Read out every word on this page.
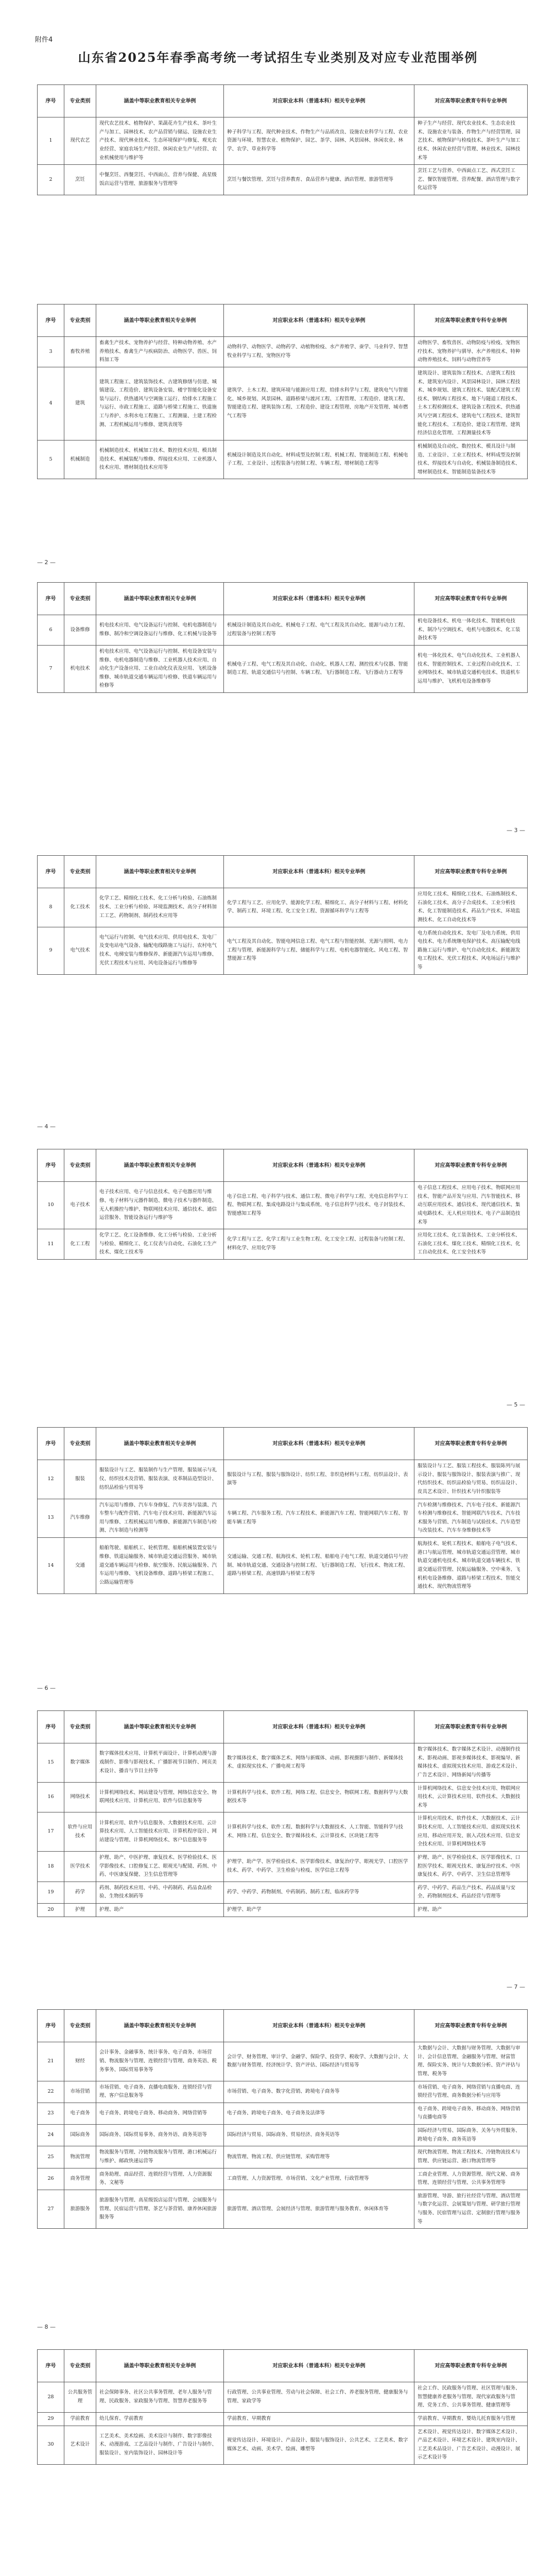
附件4
山东省2025年春季高考统一考试招生专业类别及对应专业范围举例
序号	专业类别	涵盖中等职业教育相关专业举例	对应职业本科（普通本科）相关专业举例	对应高等职业教育专科专业举例
1	现代农艺	现代农艺技术、植物保护、果蔬花卉生产技术、茶叶生产与加工、园林技术、农产品营销与储运、设施农业生产技术、现代林业技术、生态环境保护与修复、观光农业经营、家庭农场生产经营、休闲农业生产与经营、农业机械使用与维护等	种子科学与工程、现代种业技术、作物生产与品质改良、设施农业科学与工程、农业资源与环境、智慧农业、植物保护、园艺、茶学、园林、风景园林、休闲农业、林学、农学、草业科学等	种子生产与经营、现代农业技术、生态农业技术、设施农业与装备、作物生产与经营管理、园艺技术、植物保护与检疫技术、茶叶生产与加工技术、休闲农业经营与管理、林业技术、园林技术等
2	烹饪	中餐烹饪、西餐烹饪、中西面点、营养与保健、高星级饭店运营与管理、旅游服务与管理等	烹饪与餐饮管理、烹饪与营养教育、食品营养与健康、酒店管理、旅游管理等	烹饪工艺与营养、中西面点工艺、西式烹饪工艺、餐饮智能管理、营养配餐、酒店管理与数字化运营等
序号	专业类别	涵盖中等职业教育相关专业举例	对应职业本科（普通本科）相关专业举例	对应高等职业教育专科专业举例
3	畜牧养殖	畜禽生产技术、宠物养护与经营、特种动物养殖、水产养殖技术、畜禽生产与疾病防治、动物医学、兽医、饲料加工等	动物科学、动物医学、动物药学、动植物检疫、水产养殖学、蚕学、马业科学、智慧牧业科学与工程、宠物医疗等	动物医学、畜牧兽医、动物防疫与检疫、宠物医疗技术、宠物养护与驯导、水产养殖技术、特种动物养殖技术、饲料与动物营养等
4	建筑	建筑工程施工、建筑装饰技术、古建筑修缮与仿建、城镇建设、工程造价、建筑设备安装、楼宇智能化设备安装与运行、供热通风与空调施工运行、给排水工程施工与运行、市政工程施工、道路与桥梁工程施工、铁道施工与养护、水利水电工程施工、工程测量、土建工程检测、工程机械运用与维修、建筑表现等	建筑学、土木工程、建筑环境与能源应用工程、给排水科学与工程、建筑电气与智能化、城乡规划、风景园林、道路桥梁与渡河工程、工程管理、工程造价、建筑工程、智能建造工程、建筑装饰工程、工程造价、建设工程管理、房地产开发管理、城市燃气工程等	建筑设计、建筑装饰工程技术、古建筑工程技术、建筑室内设计、风景园林设计、园林工程技术、城乡规划、建筑工程技术、装配式建筑工程技术、钢结构工程技术、地下与隧道工程技术、土木工程检测技术、建筑设备工程技术、供热通风与空调工程技术、建筑电气工程技术、建筑智能化工程技术、工程造价、建设工程管理、建筑经济信息化管理、工程测量技术等
5	机械制造	机械制造技术、机械加工技术、数控技术应用、模具制造技术、机械装配与维修、焊接技术应用、工业机器人技术应用、增材制造技术应用等	机械设计制造及其自动化、材料成型及控制工程、机械工程、智能制造工程、机械电子工程、工业设计、过程装备与控制工程、车辆工程、增材制造工程等	机械制造及自动化、数控技术、模具设计与制造、工业设计、工业工程技术、材料成型及控制技术、焊接技术与自动化、机械装备制造技术、增材制造技术、智能制造装备技术等
序号	专业类别	涵盖中等职业教育相关专业举例	对应职业本科（普通本科）相关专业举例	对应高等职业教育专科专业举例
6	设备维修	机电技术应用、电气设备运行与控制、电机电器制造与维修、制冷和空调设备运行与维修、化工机械与设备等	机械设计制造及其自动化、机械电子工程、电气工程及其自动化、能源与动力工程、过程装备与控制工程等	机电设备技术、机电一体化技术、智能机电技术、制冷与空调技术、电机与电器技术、化工装备技术等
7	机电技术	机电技术应用、电气设备运行与控制、机电设备安装与维修、电机电器制造与维修、工业机器人技术应用、自动化生产设备应用、工业自动化仪表及应用、飞机设备维修、城市轨道交通车辆运用与检修、铁道车辆运用与检修等	机械电子工程、电气工程及其自动化、自动化、机器人工程、测控技术与仪器、智能制造工程、轨道交通信号与控制、车辆工程、飞行器制造工程、飞行器动力工程等	机电一体化技术、电气自动化技术、工业机器人技术、智能控制技术、工业过程自动化技术、工业网络技术、城市轨道交通机电技术、铁道机车运用与维护、飞机机电设备维修等
序号	专业类别	涵盖中等职业教育相关专业举例	对应职业本科（普通本科）相关专业举例	对应高等职业教育专科专业举例
8	化工技术	化学工艺、精细化工技术、化工分析与检验、石油炼制技术、工业分析与检验、环境监测技术、高分子材料加工工艺、药物制剂、制药技术应用等	化学工程与工艺、应用化学、能源化学工程、精细化工、高分子材料与工程、材料化学、制药工程、环境工程、化工安全工程、资源循环科学与工程等	应用化工技术、精细化工技术、石油炼制技术、石油化工技术、高分子合成技术、工业分析技术、化工智能制造技术、药品生产技术、环境监测技术、化工自动化技术等
9	电气技术	电气运行与控制、电气技术应用、供用电技术、发电厂及变电站电气设备、输配电线路施工与运行、农村电气技术、电梯安装与维修保养、新能源汽车运用与维修、光伏工程技术与应用、风电设备运行与维修等	电气工程及其自动化、智能电网信息工程、电气工程与智能控制、光源与照明、电力工程与管理、新能源科学与工程、储能科学与工程、电机电器智能化、风电工程、智慧能源工程等	电力系统自动化技术、发电厂及电力系统、供用电技术、电力系统继电保护技术、高压输配电线路施工运行与维护、电气自动化技术、新能源发电工程技术、光伏工程技术、风电场运行与维护等
序号	专业类别	涵盖中等职业教育相关专业举例	对应职业本科（普通本科）相关专业举例	对应高等职业教育专科专业举例
10	电子技术	电子技术应用、电子与信息技术、电子电器应用与维修、电子材料与元器件制造、微电子技术与器件制造、无人机操控与维护、物联网技术应用、通信技术、通信运营服务、智能设备运行与维护等	电子信息工程、电子科学与技术、通信工程、微电子科学与工程、光电信息科学与工程、物联网工程、集成电路设计与集成系统、电子信息科学与技术、电子封装技术、智能感知工程等	电子信息工程技术、应用电子技术、物联网应用技术、智能产品开发与应用、汽车智能技术、移动互联应用技术、通信技术、现代通信技术、集成电路技术、无人机应用技术、电子产品制造技术等
11	化工工程	化学工艺、化工设备维修、化工分析与检验、工业分析与检验、精细化工、化工仪表与自动化、石油化工生产技术、煤化工技术等	化学工程与工艺、化学工程与工业生物工程、化工安全工程、过程装备与控制工程、材料化学、应用化学等	应用化工技术、化工装备技术、工业分析技术、石油化工技术、煤化工技术、精细化工技术、化工自动化技术、化工安全技术等
序号	专业类别	涵盖中等职业教育相关专业举例	对应职业本科（普通本科）相关专业举例	对应高等职业教育专科专业举例
12	服装	服装设计与工艺、服装制作与生产管理、服装展示与礼仪、纺织技术及营销、服装表演、皮革制品造型设计、纺织品检验与贸易等	服装设计与工程、服装与服饰设计、纺织工程、非织造材料与工程、纺织品设计、表演等	服装设计与工艺、服装工程技术、服装陈列与展示设计、服装与服饰设计、服装表演与推广、现代纺织技术、纺织品检验与贸易、纺织品设计、皮具艺术设计、针织技术与针织服装等
13	汽车维修	汽车运用与维修、汽车车身修复、汽车美容与装潢、汽车整车与配件营销、汽车电子技术应用、新能源汽车运用与维修、工程机械运用与维修、新能源汽车制造与检测、汽车制造与检测等	车辆工程、汽车服务工程、汽车工程技术、新能源汽车工程、智能网联汽车工程、智能车辆工程等	汽车检测与维修技术、汽车电子技术、新能源汽车检测与维修技术、智能网联汽车技术、汽车技术服务与营销、汽车制造与试验技术、汽车造型与改装技术、汽车车身维修技术等
14	交通	船舶驾驶、船舶机工、轮机管理、船舶机械装置安装与维修、铁道运输服务、城市轨道交通运营服务、城市轨道交通车辆运用与检修、航空服务、民航运输服务、汽车运用与维修、飞机设备维修、道路与桥梁工程施工、公路运输管理等	交通运输、交通工程、航海技术、轮机工程、船舶电子电气工程、轨道交通信号与控制、城市轨道交通、交通设备与控制工程、飞行器制造工程、飞行技术、物流工程、道路与桥梁工程、高速铁路与桥梁工程等	航海技术、轮机工程技术、船舶电子电气技术、港口与航运管理、城市轨道交通运营管理、城市轨道交通机电技术、城市轨道交通车辆技术、铁道交通运营管理、民航运输服务、空中乘务、飞机机电设备维修、道路与桥梁工程技术、智能交通技术、现代物流管理等
序号	专业类别	涵盖中等职业教育相关专业举例	对应职业本科（普通本科）相关专业举例	对应高等职业教育专科专业举例
15	数字媒体	数字媒体技术应用、计算机平面设计、计算机动漫与游戏制作、影像与影视技术、广播影视节目制作、网页美术设计、播音与节目主持等	数字媒体技术、数字媒体艺术、网络与新媒体、动画、影视摄影与制作、新媒体技术、虚拟现实技术、广播电视工程等	数字媒体技术、数字媒体艺术设计、动漫制作技术、影视动画、影视多媒体技术、影视编导、新媒体技术、虚拟现实技术应用、游戏艺术设计、广告艺术设计、网络新闻与传播等
16	网络技术	计算机网络技术、网站建设与管理、网络信息安全、物联网技术应用、计算机应用、软件与信息服务等	计算机科学与技术、软件工程、网络工程、信息安全、物联网工程、数据科学与大数据技术等	计算机网络技术、信息安全技术应用、物联网应用技术、云计算技术应用、软件技术、大数据技术等
17	软件与应用技术	计算机应用、软件与信息服务、大数据技术应用、云计算技术应用、人工智能技术应用、计算机程序设计、网站建设与管理、计算机网络技术、客户信息服务等	计算机科学与技术、软件工程、数据科学与大数据技术、人工智能、智能科学与技术、网络工程、信息安全、数字媒体技术、云计算技术、区块链工程等	计算机应用技术、软件技术、大数据技术、云计算技术应用、人工智能技术应用、虚拟现实技术应用、移动应用开发、嵌入式技术应用、信息安全技术应用、计算机网络技术等
18	医学技术	护理、助产、中医护理、康复技术、医学检验技术、医学影像技术、口腔修复工艺、眼视光与配镜、药剂、中药、中医康复保健、卫生信息管理等	护理学、助产学、医学检验技术、医学影像技术、康复治疗学、眼视光学、口腔医学技术、药学、中药学、卫生检验与检疫、医学信息工程等	护理、助产、医学检验技术、医学影像技术、口腔医学技术、眼视光技术、康复治疗技术、中医康复技术、药学、中药学、卫生信息管理等
19	药学	药剂、制药技术应用、中药、中药制药、药品食品检验、生物技术制药等	药学、中药学、药物制剂、中药制药、制药工程、临床药学等	药学、中药学、药品生产技术、药品质量与安全、药物制剂技术、药品经营与管理等
20	护理	护理、助产	护理学、助产学	护理、助产
序号	专业类别	涵盖中等职业教育相关专业举例	对应职业本科（普通本科）相关专业举例	对应高等职业教育专科专业举例
21	财经	会计事务、金融事务、统计事务、电子商务、市场营销、物流服务与管理、连锁经营与管理、商务英语、税务事务、国际贸易事务等	会计学、财务管理、审计学、金融学、保险学、投资学、税收学、大数据与会计、大数据与财务管理、经济统计学、资产评估、国际经济与贸易等	大数据与会计、大数据与财务管理、大数据与审计、会计信息管理、金融服务与管理、财富管理、保险实务、统计与大数据分析、资产评估与管理、税务等
22	市场营销	市场营销、电子商务、直播电商服务、连锁经营与管理、客户信息服务等	市场营销、电子商务、数字化营销、跨境电子商务等	市场营销、电子商务、网络营销与直播电商、连锁经营与管理、商务数据分析与应用等
23	电子商务	电子商务、跨境电子商务、移动商务、网络营销等	电子商务、跨境电子商务、电子商务及法律等	电子商务、跨境电子商务、移动商务、网络营销与直播电商等
24	国际商务	国际商务、国际贸易事务、商务外语、商务英语等	国际经济与贸易、国际商务、贸易经济、商务英语等	国际经济与贸易、国际商务、关务与外贸服务、跨境电子商务、商务英语等
25	物流管理	物流服务与管理、冷链物流服务与管理、港口机械运行与维护、邮政快递运营等	物流管理、物流工程、供应链管理、采购管理等	现代物流管理、物流工程技术、冷链物流技术与管理、供应链运营、港口物流管理等
26	商务管理	商务助理、商品经营、连锁经营与管理、人力资源服务、文秘等	工商管理、人力资源管理、市场营销、文化产业管理、行政管理等	工商企业管理、人力资源管理、现代文秘、商务管理、连锁经营与管理、公共事务管理等
27	旅游服务	旅游服务与管理、高星级饭店运营与管理、会展服务与管理、民宿运营与管理、茶艺与茶营销、康养休闲旅游服务等	旅游管理、酒店管理、会展经济与管理、旅游管理与服务教育、休闲体育等	旅游管理、导游、旅行社经营与管理、酒店管理与数字化运营、会展策划与管理、研学旅行管理与服务、民宿管理与运营、定制旅行管理与服务等
序号	专业类别	涵盖中等职业教育相关专业举例	对应职业本科（普通本科）相关专业举例	对应高等职业教育专科专业举例
28	公共服务管理	社会保障事务、社区公共事务管理、老年人服务与管理、民政服务、家政服务与管理、智慧养老服务等	行政管理、公共事业管理、劳动与社会保障、社会工作、养老服务管理、健康服务与管理、家政学等	社会工作、民政服务与管理、社区管理与服务、智慧健康养老服务与管理、现代家政服务与管理、党务工作、公共事务管理、健康管理等
29	学前教育	幼儿保育、学前教育	学前教育、早期教育	学前教育、早期教育、婴幼儿托育服务与管理
30	艺术设计	工艺美术、美术绘画、美术设计与制作、数字影像技术、动漫游戏、工艺品设计与制作、广告设计与制作、服装设计、室内装饰设计、园林设计等	视觉传达设计、环境设计、产品设计、服装与服饰设计、公共艺术、工艺美术、数字媒体艺术、动画、美术学、绘画、雕塑等	艺术设计、视觉传达设计、数字媒体艺术设计、产品艺术设计、环境艺术设计、建筑室内设计、工艺美术品设计、广告艺术设计、动漫设计、展示艺术设计等
— 2 —
— 3 —
— 4 —
— 5 —
— 6 —
— 7 —
— 8 —
